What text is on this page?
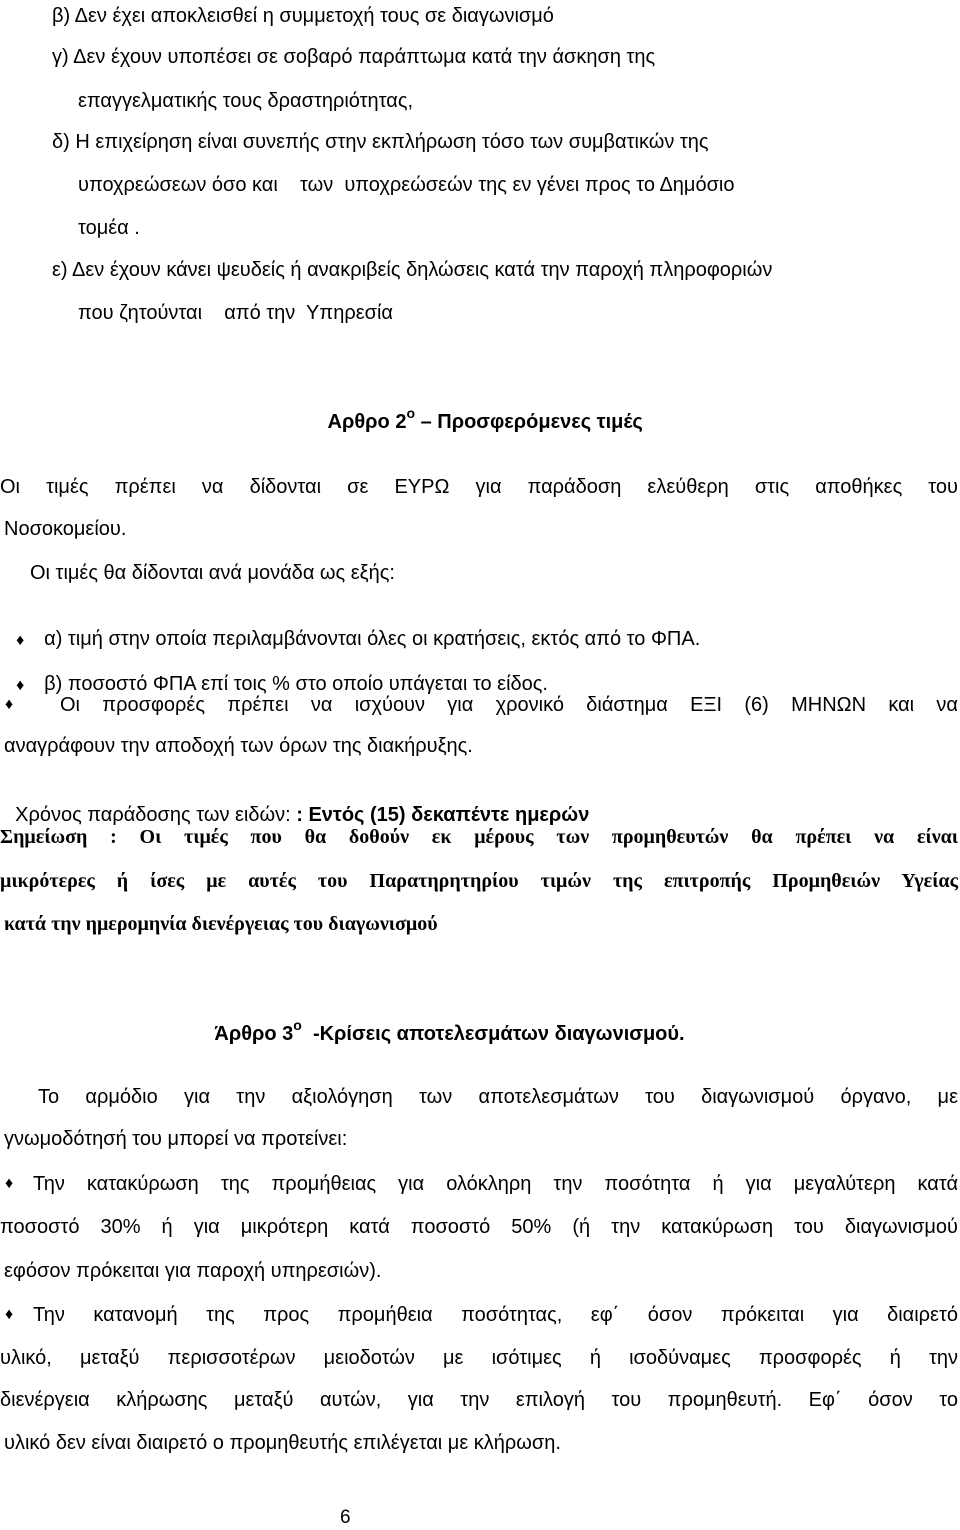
β) Δεν έχει αποκλεισθεί η συμμετοχή τους σε διαγωνισμό
γ) Δεν έχουν υποπέσει σε σοβαρό παράπτωμα κατά την άσκηση της
επαγγελματικής τους δραστηριότητας,
δ) Η επιχείρηση είναι συνεπής στην εκπλήρωση τόσο των συμβατικών της
υποχρεώσεων όσο και    των  υποχρεώσεών της εν γένει προς το Δημόσιο
τομέα .
ε) Δεν έχουν κάνει ψευδείς ή ανακριβείς δηλώσεις κατά την παροχή πληροφοριών
που ζητούνται    από την  Υπηρεσία

Αρθρο $2^o$ – Προσφερόμενες τιμές

Οι τιμές πρέπει να δίδονται σε ΕΥΡΩ για παράδοση ελεύθερη στις αποθήκες του
Νοσοκομείου.
Οι τιμές θα δίδονται ανά μονάδα ως εξής:

♦ α) τιμή στην οποία περιλαμβάνονται όλες οι κρατήσεις, εκτός από το ΦΠΑ.

♦ β) ποσοστό ΦΠΑ επί τοις % στο οποίο υπάγεται το είδος.

♦	Οι προσφορές πρέπει να ισχύουν για χρονικό διάστημα ΕΞΙ (6) ΜΗΝΩΝ και να
αναγράφουν την αποδοχή των όρων της διακήρυξης.

Χρόνος παράδοσης των ειδών: : Εντός (15) δεκαπέντε ημερών

Σημείωση : Οι τιμές που θα δοθούν εκ μέρους των προμηθευτών θα πρέπει να είναι
μικρότερες ή ίσες με αυτές του Παρατηρητηρίου τιμών της επιτροπής Προμηθειών Υγείας
κατά την ημερομηνία διενέργειας του διαγωνισμού

Άρθρο $3^o$  -Κρίσεις αποτελεσμάτων διαγωνισμού.

Το αρμόδιο για την αξιολόγηση των αποτελεσμάτων του διαγωνισμού όργανο, με
γνωμοδότησή του μπορεί να προτείνει:
♦ Την κατακύρωση της προμήθειας για ολόκληρη την ποσότητα ή για μεγαλύτερη κατά
ποσοστό 30% ή για μικρότερη κατά ποσοστό 50% (ή την κατακύρωση του διαγωνισμού
εφόσον πρόκειται για παροχή υπηρεσιών).
♦ Την κατανομή της προς προμήθεια ποσότητας, εφ΄ όσον πρόκειται για διαιρετό
υλικό, μεταξύ περισσοτέρων μειοδοτών με ισότιμες ή ισοδύναμες προσφορές ή την
διενέργεια κλήρωσης μεταξύ αυτών, για την επιλογή του προμηθευτή. Εφ΄ όσον το
υλικό δεν είναι διαιρετό ο προμηθευτής επιλέγεται με κλήρωση.
6
